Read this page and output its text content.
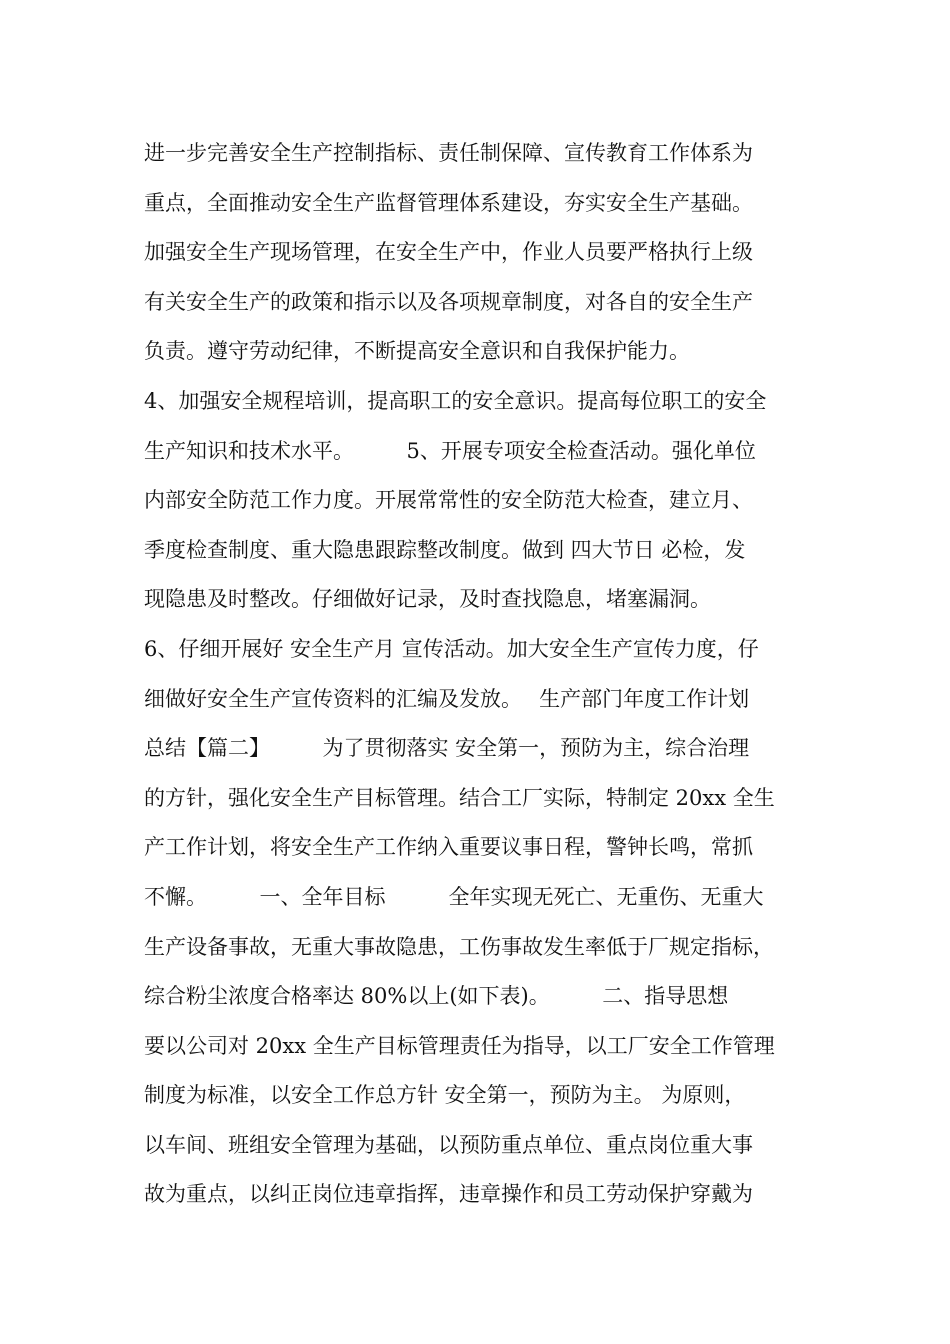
进一步完善安全生产控制指标、责任制保障、宣传教育工作体系为
重点，全面推动安全生产监督管理体系建设，夯实安全生产基础。
加强安全生产现场管理，在安全生产中，作业人员要严格执行上级
有关安全生产的政策和指示以及各项规章制度，对各自的安全生产
负责。遵守劳动纪律，不断提高安全意识和自我保护能力。
4、加强安全规程培训，提高职工的安全意识。提高每位职工的安全
生产知识和技术水平。　　　5、开展专项安全检查活动。强化单位
内部安全防范工作力度。开展常常性的安全防范大检查，建立月、
季度检查制度、重大隐患跟踪整改制度。做到 四大节日 必检，发
现隐患及时整改。仔细做好记录，及时查找隐息，堵塞漏洞。
6、仔细开展好 安全生产月 宣传活动。加大安全生产宣传力度，仔
细做好安全生产宣传资料的汇编及发放。　 生产部门年度工作计划
总结【篇二】　　　为了贯彻落实 安全第一，预防为主，综合治理
的方针，强化安全生产目标管理。结合工厂实际，特制定 20xx 全生
产工作计划，将安全生产工作纳入重要议事日程，警钟长鸣，常抓
不懈。　　　一、全年目标　　　全年实现无死亡、无重伤、无重大
生产设备事故，无重大事故隐患，工伤事故发生率低于厂规定指标，
综合粉尘浓度合格率达 80%以上(如下表)。　　　二、指导思想
要以公司对 20xx 全生产目标管理责任为指导，以工厂安全工作管理
制度为标准，以安全工作总方针 安全第一，预防为主。 为原则，
以车间、班组安全管理为基础，以预防重点单位、重点岗位重大事
故为重点，以纠正岗位违章指挥，违章操作和员工劳动保护穿戴为
